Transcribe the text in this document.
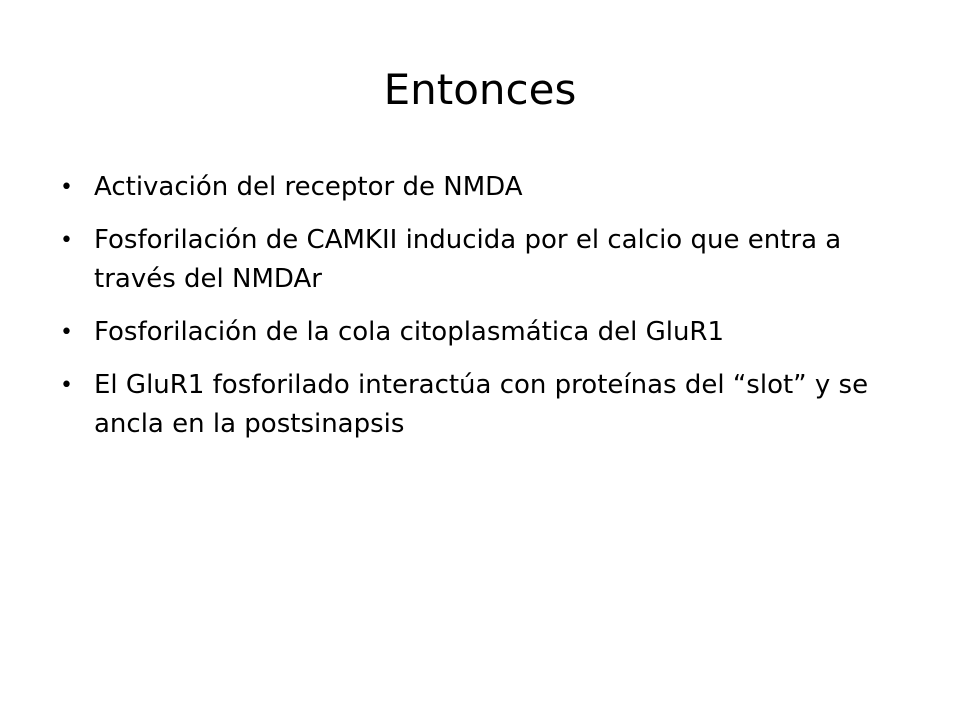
Entonces
• Activación del receptor de NMDA
• Fosforilación de CAMKII inducida por el calcio que entra a través del NMDAr
• Fosforilación de la cola citoplasmática del GluR1
• El GluR1 fosforilado interactúa con proteínas del “slot” y se ancla en la postsinapsis
